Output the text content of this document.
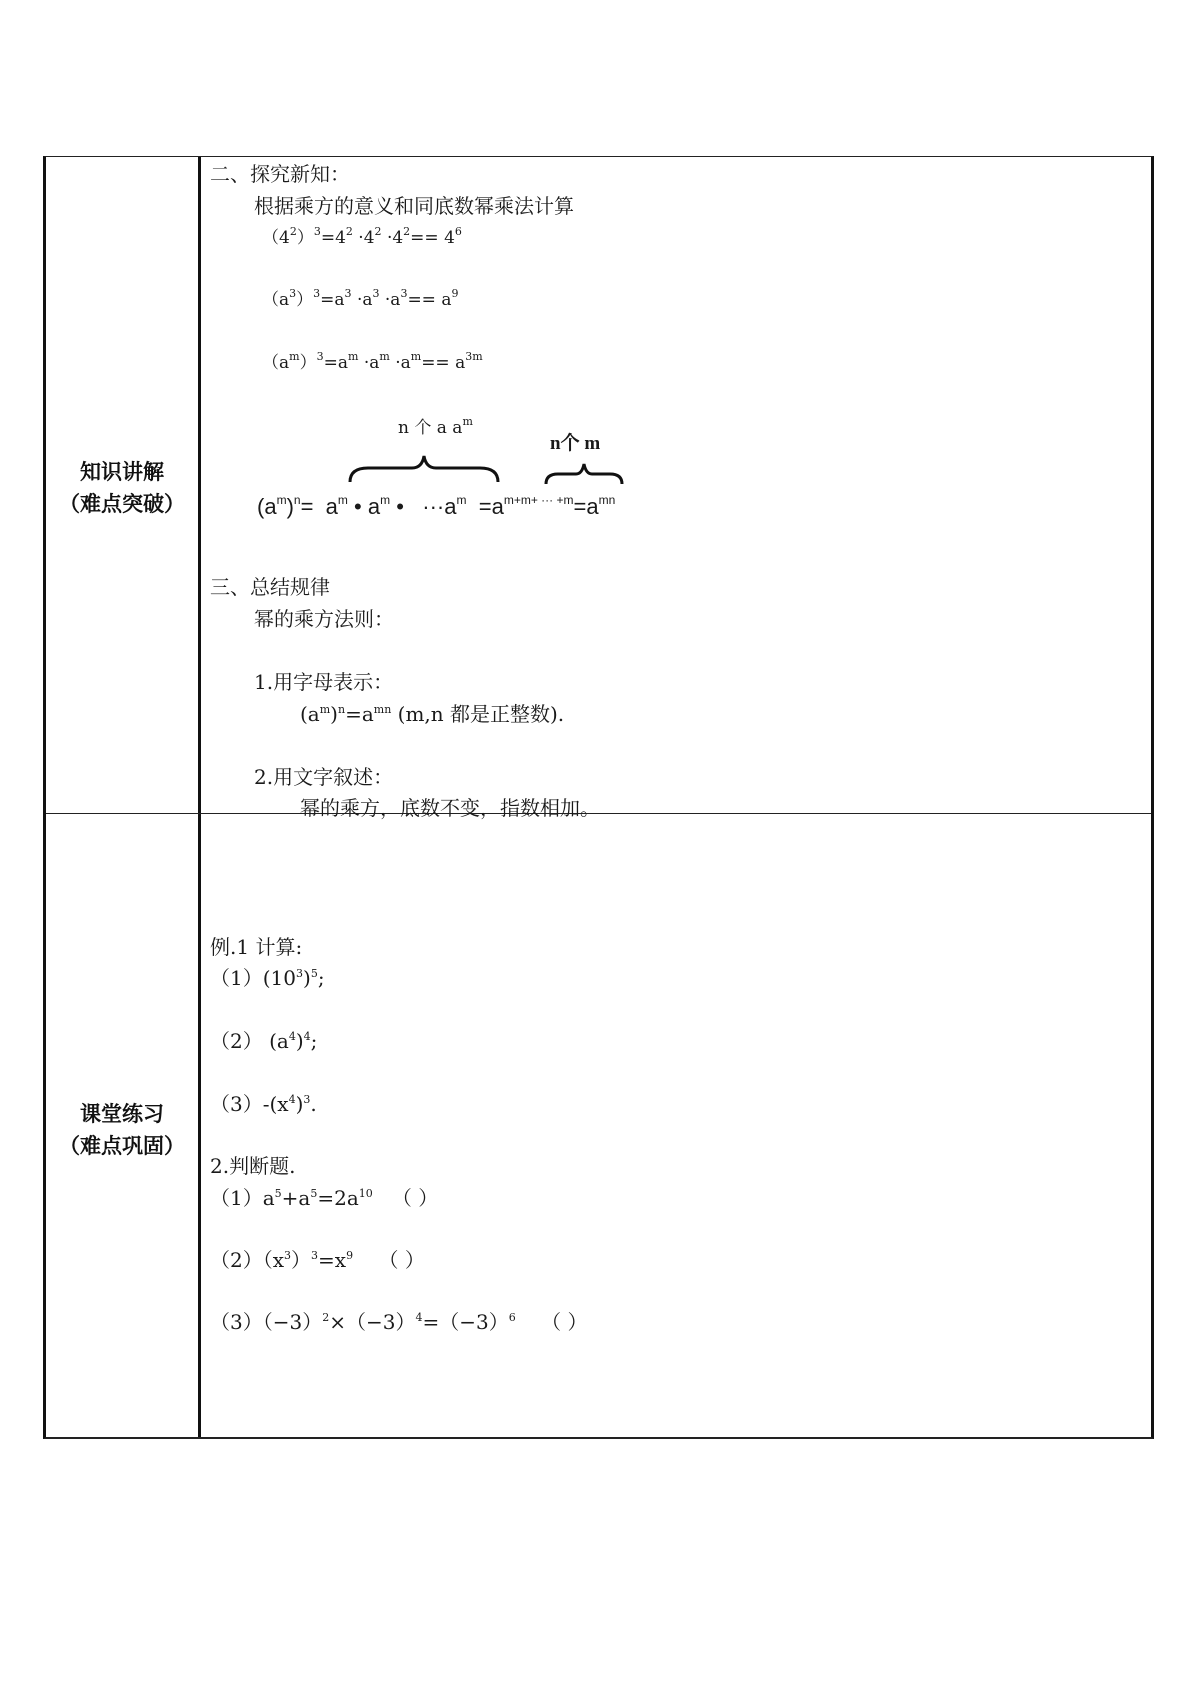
知识讲解
（难点突破）
课堂练习
（难点巩固）
二、探究新知：
根据乘方的意义和同底数幂乘法计算
$(4^2)^3=4^2 \cdot 4^2 \cdot 4^2== 4^6$
$(a^3)^3=a^3 \cdot a^3 \cdot a^3== a^9$
$(a^m)^3=a^m \cdot a^m \cdot a^m== a^{3m}$
n 个 a $a^m$
n个 m
$(a^m)^n= a^m$ • $a^m$ • $\cdot\cdot\cdot a^m =a^{m+m+ \cdot\cdot\cdot +m}=a^{mn}$
三、总结规律
幂的乘方法则：
1.用字母表示：
$(a^m)^n=a^{mn}$ (m,n 都是正整数).
2.用文字叙述：
幂的乘方，底数不变，指数相加。
例.1 计算:
$(1)(10^3)^5$;
（2） $(a^4)^4$;
$(3)-(x^4)^3$.
2.判断题.
$(1)a^5+a^5=2a^{10}$ （ ）
$(2)(x^3)^3=x^9$ （ ）
$(3)(-3)^2\times(-3)^4=(-3)^6$ （ ）
